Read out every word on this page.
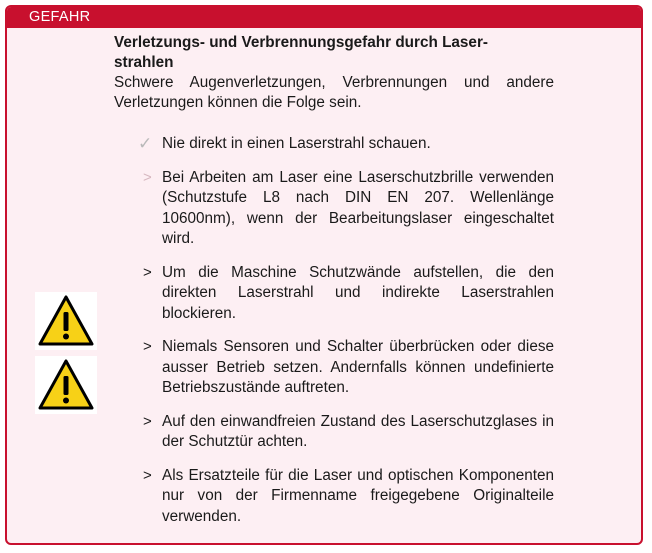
GEFAHR

Verletzungs- und Verbrennungsgefahr durch Laser-
strahlen

Schwere Augenverletzungen, Verbrennungen und andere Verletzungen können die Folge sein.

✓ Nie direkt in einen Laserstrahl schauen.
> Bei Arbeiten am Laser eine Laserschutzbrille verwenden (Schutzstufe L8 nach DIN EN 207. Wellenlänge 10600nm), wenn der Bearbeitungslaser eingeschaltet wird.
> Um die Maschine Schutzwände aufstellen, die den direkten Laserstrahl und indirekte Laserstrahlen blockieren.
> Niemals Sensoren und Schalter überbrücken oder diese ausser Betrieb setzen. Andernfalls können undefinierte Betriebszustände auftreten.
> Auf den einwandfreien Zustand des Laserschutzglases in der Schutztür achten.
> Als Ersatzteile für die Laser und optischen Komponenten nur von der Firmenname freigegebene Originalteile verwenden.
